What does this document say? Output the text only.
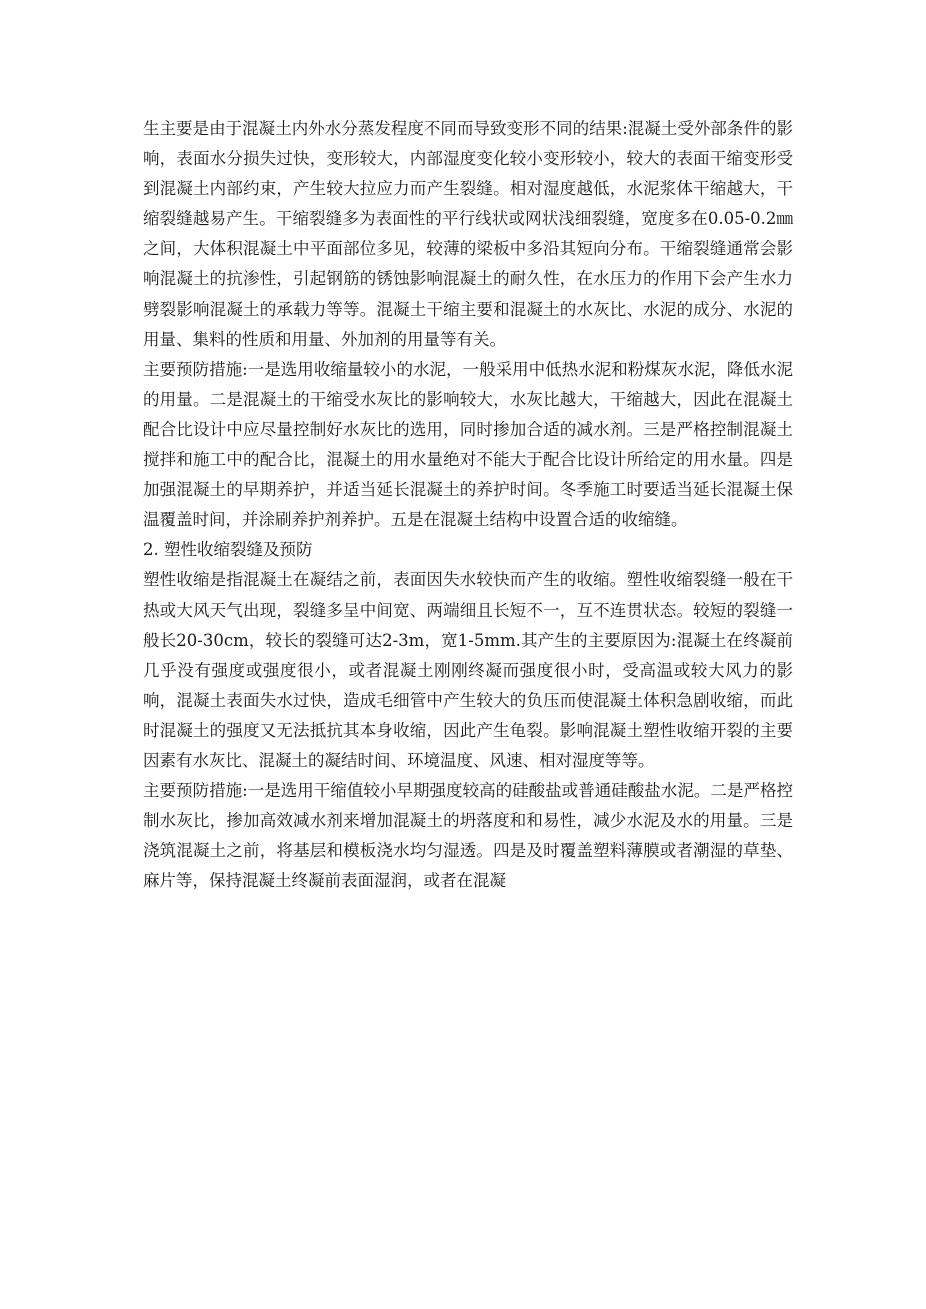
生主要是由于混凝土内外水分蒸发程度不同而导致变形不同的结果:混凝土受外部条件的影响，表面水分损失过快，变形较大，内部湿度变化较小变形较小，较大的表面干缩变形受到混凝土内部约束，产生较大拉应力而产生裂缝。相对湿度越低，水泥浆体干缩越大，干缩裂缝越易产生。干缩裂缝多为表面性的平行线状或网状浅细裂缝，宽度多在0.05-0.2㎜之间，大体积混凝土中平面部位多见，较薄的梁板中多沿其短向分布。干缩裂缝通常会影响混凝土的抗渗性，引起钢筋的锈蚀影响混凝土的耐久性，在水压力的作用下会产生水力劈裂影响混凝土的承载力等等。混凝土干缩主要和混凝土的水灰比、水泥的成分、水泥的用量、集料的性质和用量、外加剂的用量等有关。

主要预防措施:一是选用收缩量较小的水泥，一般采用中低热水泥和粉煤灰水泥，降低水泥的用量。二是混凝土的干缩受水灰比的影响较大，水灰比越大，干缩越大，因此在混凝土配合比设计中应尽量控制好水灰比的选用，同时掺加合适的减水剂。三是严格控制混凝土搅拌和施工中的配合比，混凝土的用水量绝对不能大于配合比设计所给定的用水量。四是加强混凝土的早期养护，并适当延长混凝土的养护时间。冬季施工时要适当延长混凝土保温覆盖时间，并涂刷养护剂养护。五是在混凝土结构中设置合适的收缩缝。

2. 塑性收缩裂缝及预防

塑性收缩是指混凝土在凝结之前，表面因失水较快而产生的收缩。塑性收缩裂缝一般在干热或大风天气出现，裂缝多呈中间宽、两端细且长短不一，互不连贯状态。较短的裂缝一般长20-30cm，较长的裂缝可达2-3m，宽1-5mm.其产生的主要原因为:混凝土在终凝前几乎没有强度或强度很小，或者混凝土刚刚终凝而强度很小时，受高温或较大风力的影响，混凝土表面失水过快，造成毛细管中产生较大的负压而使混凝土体积急剧收缩，而此时混凝土的强度又无法抵抗其本身收缩，因此产生龟裂。影响混凝土塑性收缩开裂的主要因素有水灰比、混凝土的凝结时间、环境温度、风速、相对湿度等等。

主要预防措施:一是选用干缩值较小早期强度较高的硅酸盐或普通硅酸盐水泥。二是严格控制水灰比，掺加高效减水剂来增加混凝土的坍落度和和易性，减少水泥及水的用量。三是浇筑混凝土之前，将基层和模板浇水均匀湿透。四是及时覆盖塑料薄膜或者潮湿的草垫、麻片等，保持混凝土终凝前表面湿润，或者在混凝
